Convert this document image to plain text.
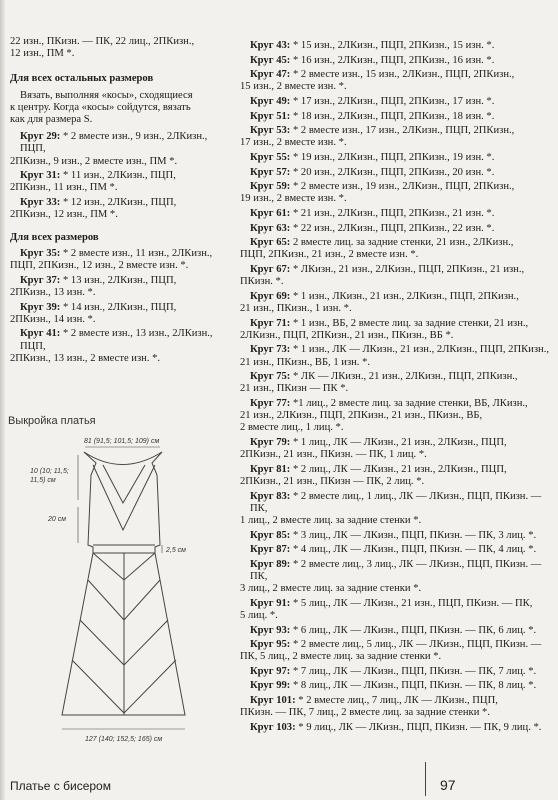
22 изн., ПКизн. — ПК, 22 лиц., 2ПКизн.,
12 изн., ПМ *.
Для всех остальных размеров
Вязать, выполняя «косы», сходящиеся
к центру. Когда «косы» сойдутся, вязать
как для размера S.
Круг 29: * 2 вместе изн., 9 изн., 2ЛКизн., ПЦП,
2ПКизн., 9 изн., 2 вместе изн., ПМ *.
Круг 31: * 11 изн., 2ЛКизн., ПЦП,
2ПКизн., 11 изн., ПМ *.
Круг 33: * 12 изн., 2ЛКизн., ПЦП,
2ПКизн., 12 изн., ПМ *.
Для всех размеров
Круг 35: * 2 вместе изн., 11 изн., 2ЛКизн.,
ПЦП, 2ПКизн., 12 изн., 2 вместе изн. *.
Круг 37: * 13 изн., 2ЛКизн., ПЦП,
2ПКизн., 13 изн. *.
Круг 39: * 14 изн., 2ЛКизн., ПЦП,
2ПКизн., 14 изн. *.
Круг 41: * 2 вместе изн., 13 изн., 2ЛКизн., ПЦП,
2ПКизн., 13 изн., 2 вместе изн. *.
Выкройка платья
81 (91,5; 101,5; 109) см
10 (10; 11,5;
11,5) см
20 см
2,5 см
127 (140; 152,5; 165) см
Круг 43: * 15 изн., 2ЛКизн., ПЦП, 2ПКизн., 15 изн. *.
Круг 45: * 16 изн., 2ЛКизн., ПЦП, 2ПКизн., 16 изн. *.
Круг 47: * 2 вместе изн., 15 изн., 2ЛКизн., ПЦП, 2ПКизн.,
15 изн., 2 вместе изн. *.
Круг 49: * 17 изн., 2ЛКизн., ПЦП, 2ПКизн., 17 изн. *.
Круг 51: * 18 изн., 2ЛКизн., ПЦП, 2ПКизн., 18 изн. *.
Круг 53: * 2 вместе изн., 17 изн., 2ЛКизн., ПЦП, 2ПКизн.,
17 изн., 2 вместе изн. *.
Круг 55: * 19 изн., 2ЛКизн., ПЦП, 2ПКизн., 19 изн. *.
Круг 57: * 20 изн., 2ЛКизн., ПЦП, 2ПКизн., 20 изн. *.
Круг 59: * 2 вместе изн., 19 изн., 2ЛКизн., ПЦП, 2ПКизн.,
19 изн., 2 вместе изн. *.
Круг 61: * 21 изн., 2ЛКизн., ПЦП, 2ПКизн., 21 изн. *.
Круг 63: * 22 изн., 2ЛКизн., ПЦП, 2ПКизн., 22 изн. *.
Круг 65: 2 вместе лиц. за задние стенки, 21 изн., 2ЛКизн.,
ПЦП, 2ПКизн., 21 изн., 2 вместе изн. *.
Круг 67: * ЛКизн., 21 изн., 2ЛКизн., ПЦП, 2ПКизн., 21 изн.,
ПКизн. *.
Круг 69: * 1 изн., ЛКизн., 21 изн., 2ЛКизн., ПЦП, 2ПКизн.,
21 изн., ПКизн., 1 изн. *.
Круг 71: * 1 изн., ВБ, 2 вместе лиц. за задние стенки, 21 изн.,
2ЛКизн., ПЦП, 2ПКизн., 21 изн., ПКизн., ВБ *.
Круг 73: * 1 изн., ЛК — ЛКизн., 21 изн., 2ЛКизн., ПЦП, 2ПКизн.,
21 изн., ПКизн., ВБ, 1 изн. *.
Круг 75: * ЛК — ЛКизн., 21 изн., 2ЛКизн., ПЦП, 2ПКизн.,
21 изн., ПКизн — ПК *.
Круг 77: *1 лиц., 2 вместе лиц. за задние стенки, ВБ, ЛКизн.,
21 изн., 2ЛКизн., ПЦП, 2ПКизн., 21 изн., ПКизн., ВБ,
2 вместе лиц., 1 лиц. *.
Круг 79: * 1 лиц., ЛК — ЛКизн., 21 изн., 2ЛКизн., ПЦП,
2ПКизн., 21 изн., ПКизн. — ПК, 1 лиц. *.
Круг 81: * 2 лиц., ЛК — ЛКизн., 21 изн., 2ЛКизн., ПЦП,
2ПКизн., 21 изн., ПКизн — ПК, 2 лиц. *.
Круг 83: * 2 вместе лиц., 1 лиц., ЛК — ЛКизн., ПЦП, ПКизн. — ПК,
1 лиц., 2 вместе лиц. за задние стенки *.
Круг 85: * 3 лиц., ЛК — ЛКизн., ПЦП, ПКизн. — ПК, 3 лиц. *.
Круг 87: * 4 лиц., ЛК — ЛКизн., ПЦП, ПКизн. — ПК, 4 лиц. *.
Круг 89: * 2 вместе лиц., 3 лиц., ЛК — ЛКизн., ПЦП, ПКизн. — ПК,
3 лиц., 2 вместе лиц. за задние стенки *.
Круг 91: * 5 лиц., ЛК — ЛКизн., 21 изн., ПЦП, ПКизн. — ПК,
5 лиц. *.
Круг 93: * 6 лиц., ЛК — ЛКизн., ПЦП, ПКизн. — ПК, 6 лиц. *.
Круг 95: * 2 вместе лиц., 5 лиц., ЛК — ЛКизн., ПЦП, ПКизн. —
ПК, 5 лиц., 2 вместе лиц. за задние стенки *.
Круг 97: * 7 лиц., ЛК — ЛКизн., ПЦП, ПКизн. — ПК, 7 лиц. *.
Круг 99: * 8 лиц., ЛК — ЛКизн., ПЦП, ПКизн. — ПК, 8 лиц. *.
Круг 101: * 2 вместе лиц., 7 лиц., ЛК — ЛКизн., ПЦП,
ПКизн. — ПК, 7 лиц., 2 вместе лиц. за задние стенки *.
Круг 103: * 9 лиц., ЛК — ЛКизн., ПЦП, ПКизн. — ПК, 9 лиц. *.
Платье с бисером	97
